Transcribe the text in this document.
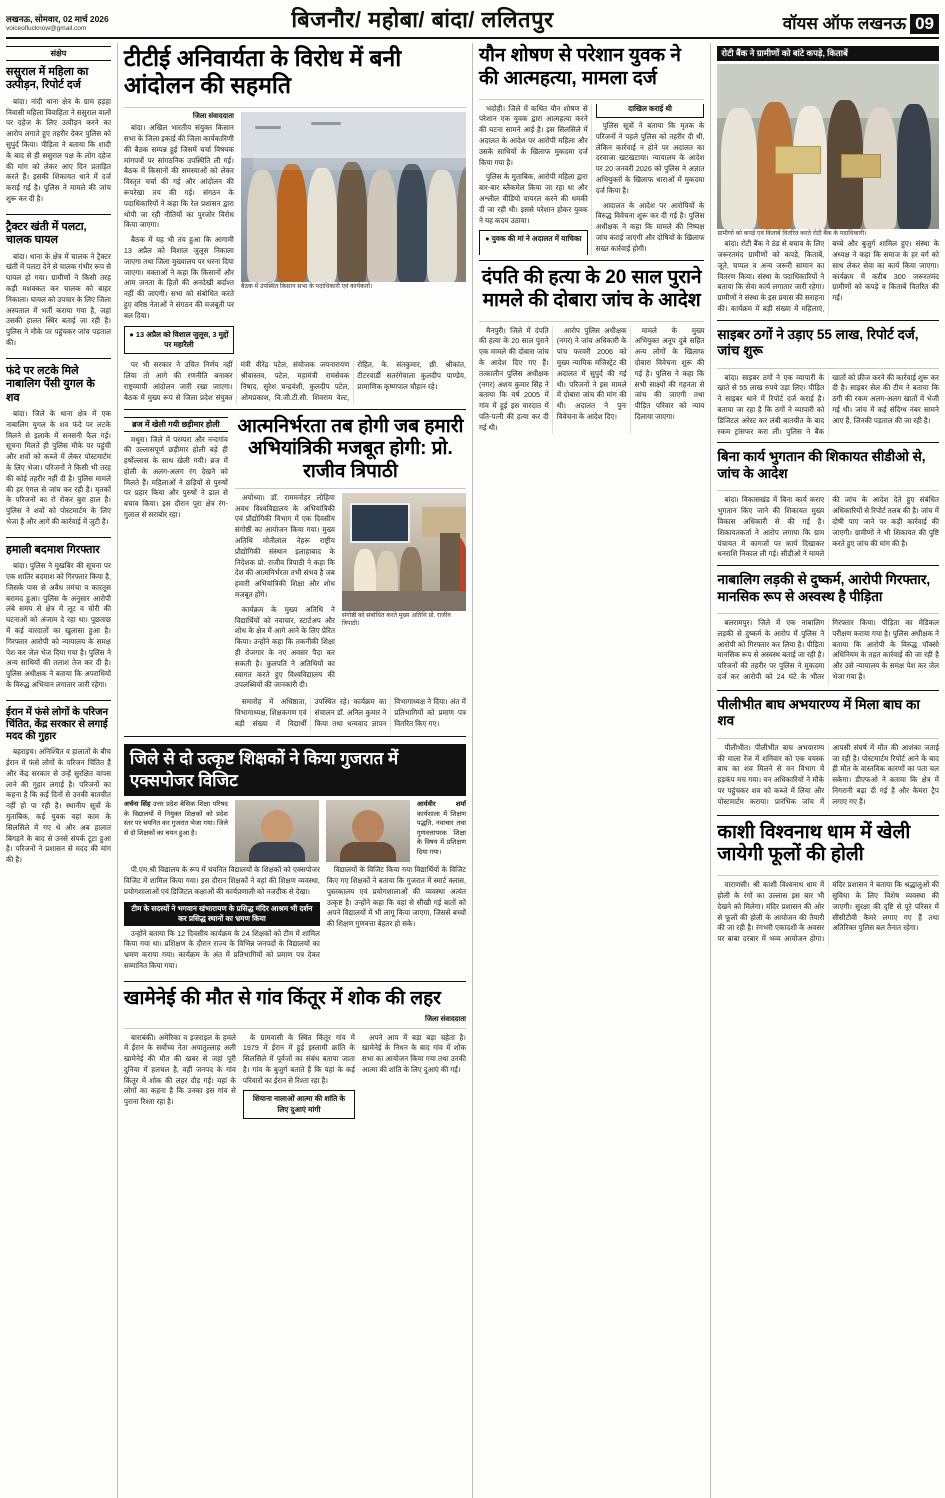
लखनऊ, सोमवार, 02 मार्च 2026
voiceoflucknow@gmail.com	बिजनौर/ महोबा/ बांदा/ ललितपुर	वॉयस ऑफ लखनऊ 09
संक्षेप
ससुराल में महिला का उत्पीड़न, रिपोर्ट दर्ज

बांदा। नांदी थाना क्षेत्र के ग्राम हड़हा निवासी महिला विवाहिता ने ससुराल वालों पर दहेज के लिए उत्पीड़न करने का आरोप लगाते हुए तहरीर देकर पुलिस को सुपुर्द किया। पीड़िता ने बताया कि शादी के बाद से ही ससुराल पक्ष के लोग दहेज की मांग को लेकर आए दिन प्रताड़ित करते हैं। इसकी शिकायत थाने में दर्ज कराई गई है। पुलिस ने मामले की जांच शुरू कर दी है।

ट्रैक्टर खंती में पलटा, चालक घायल

बांदा। थाना के क्षेत्र में चालक ने ट्रैक्टर खंती में पलटा देने से चालक गंभीर रूप से घायल हो गया। ग्रामीणों ने किसी तरह कड़ी मशक्कत कर चालक को बाहर निकाला। घायल को उपचार के लिए जिला अस्पताल में भर्ती कराया गया है, जहां उसकी हालत स्थिर बताई जा रही है। पुलिस ने मौके पर पहुंचकर जांच पड़ताल की।

फंदे पर लटके मिले नाबालिग पेंसी युगल के शव

बांदा। जिले के थाना क्षेत्र में एक नाबालिग युगल के शव फंदे पर लटके मिलने से इलाके में सनसनी फैल गई। सूचना मिलते ही पुलिस मौके पर पहुंची और शवों को कब्जे में लेकर पोस्टमार्टम के लिए भेजा। परिजनों ने किसी भी तरह की कोई तहरीर नहीं दी है। पुलिस मामले की हर एंगल से जांच कर रही है। मृतकों के परिजनों का रो रोकर बुरा हाल है। पुलिस ने शवों को पोस्टमार्टम के लिए भेजा है और आगे की कार्रवाई में जुटी है।

हमाली बदमाश गिरफ्तार

बांदा। पुलिस ने मुखबिर की सूचना पर एक शातिर बदमाश को गिरफ्तार किया है, जिसके पास से अवैध तमंचा व कारतूस बरामद हुआ। पुलिस के अनुसार आरोपी लंबे समय से क्षेत्र में लूट व चोरी की घटनाओं को अंजाम दे रहा था। पूछताछ में कई वारदातों का खुलासा हुआ है। गिरफ्तार आरोपी को न्यायालय के समक्ष पेश कर जेल भेज दिया गया है। पुलिस ने अन्य साथियों की तलाश तेज कर दी है। पुलिस अधीक्षक ने बताया कि अपराधियों के विरुद्ध अभियान लगातार जारी रहेगा।

ईरान में फंसे लोगों के परिजन चिंतित, केंद्र सरकार से लगाई मदद की गुहार

बहराइच। अनिश्चित व हालातों के बीच ईरान में फंसे लोगों के परिजन चिंतित हैं और केंद्र सरकार से उन्हें सुरक्षित वापस लाने की गुहार लगाई है। परिजनों का कहना है कि कई दिनों से उनकी बातचीत नहीं हो पा रही है। स्थानीय सूत्रों के मुताबिक, कई युवक वहां काम के सिलसिले में गए थे और अब हालात बिगड़ने के बाद से उनसे संपर्क टूटा हुआ है। परिजनों ने प्रशासन से मदद की मांग की है।

टीटीई अनिवार्यता के विरोध में बनी आंदोलन की सहमति
जिला संवाददाता

बांदा। अखिल भारतीय संयुक्त किसान सभा के जिला इकाई की जिला कार्यकारिणी की बैठक सम्पन्न हुई जिसमें चर्चा विषयक मांगपत्रों पर सांगठनिक उपस्थिति ली गई। बैठक में किसानों की समस्याओं को लेकर विस्तृत चर्चा की गई और आंदोलन की रूपरेखा तय की गई। संगठन के पदाधिकारियों ने कहा कि रेल प्रशासन द्वारा थोपी जा रही नीतियों का पुरजोर विरोध किया जाएगा।

बैठक में यह भी तय हुआ कि आगामी 13 अप्रैल को विशाल जुलूस निकाला जाएगा तथा जिला मुख्यालय पर धरना दिया जाएगा। वक्ताओं ने कहा कि किसानों और आम जनता के हितों की अनदेखी बर्दाश्त नहीं की जाएगी। सभा को संबोधित करते हुए वरिष्ठ नेताओं ने संगठन की मजबूती पर बल दिया।

● 13 अप्रैल को विशाल जुलूस, 3 मुद्दों पर महारैली
बैठक में उपस्थित किसान सभा के पदाधिकारी एवं कार्यकर्ता।

पर भी सरकार ने उचित निर्णय नहीं लिया तो आगे की रणनीति बनाकर राष्ट्रव्यापी आंदोलन जारी रखा जाएगा। बैठक में मुख्य रूप से जिला प्रदेश संयुक्त मंत्री वीरेंद्र पटेल, संयोजक जयनारायण श्रीवास्तव, पटेल, महामंत्री रामसेवक निषाद, सुरेश चन्द्रवंशी, कुलदीप पटेल, ओमप्रकाश, वि.जी.टी.सी. शिवराम वेल्ट, रोहित, के. संतकुमार, छी. श्रीकांत, टीटरवार्डी सतरंगेवाला कुलदीप पाण्डेय, प्रामाणिक कृष्णपाल चौहान रहे।

ब्रज में खेली गयी छड़ीमार होली

मथुरा। जिले में परम्परा और नन्दगांव की उल्लासपूर्ण छड़ीमार होली बड़े ही हर्षोल्लास के साथ खेली गयी। ब्रज में होली के अलग-अलग रंग देखने को मिलते हैं। महिलाओं ने छड़ियों से पुरुषों पर प्रहार किया और पुरुषों ने ढाल से बचाव किया। इस दौरान पूरा क्षेत्र रंग-गुलाल से सराबोर रहा।

आत्मनिर्भरता तब होगी जब हमारी अभियांत्रिकी मजबूत होगी: प्रो. राजीव त्रिपाठी

अयोध्या। डॉ. राममनोहर लोहिया अवध विश्वविद्यालय के अभियांत्रिकी एवं प्रौद्योगिकी विभाग में एक दिवसीय संगोष्ठी का आयोजन किया गया। मुख्य अतिथि मोतीलाल नेहरू राष्ट्रीय प्रौद्योगिकी संस्थान इलाहाबाद के निदेशक प्रो. राजीव त्रिपाठी ने कहा कि देश की आत्मनिर्भरता तभी संभव है जब हमारी अभियांत्रिकी शिक्षा और शोध मजबूत होंगे।

कार्यक्रम के मुख्य अतिथि ने विद्यार्थियों को नवाचार, स्टार्टअप और शोध के क्षेत्र में आगे आने के लिए प्रेरित किया। उन्होंने कहा कि तकनीकी शिक्षा ही रोजगार के नए अवसर पैदा कर सकती है। कुलपति ने अतिथियों का स्वागत करते हुए विश्वविद्यालय की उपलब्धियों की जानकारी दी।

संगोष्ठी को संबोधित करते मुख्य अतिथि प्रो. राजीव त्रिपाठी।

समारोह में अधिष्ठाता, विभागाध्यक्ष, शिक्षकगण एवं बड़ी संख्या में विद्यार्थी उपस्थित रहे। कार्यक्रम का संचालन डॉ. अनिल कुमार ने किया तथा धन्यवाद ज्ञापन विभागाध्यक्ष ने दिया। अंत में प्रतिभागियों को प्रमाण पत्र वितरित किए गए।

जिले से दो उत्कृष्ट शिक्षकों ने किया गुजरात में एक्सपोजर विजिट
अर्चना सिंह उत्तर प्रदेश बेसिक शिक्षा परिषद के विद्यालयों में नियुक्त शिक्षकों को प्रदेश स्तर पर चयनित कर गुजरात भेजा गया। जिले से दो शिक्षकों का चयन हुआ है।
आर्यवीर शर्मा कार्यशाला में शिक्षण पद्धति, नवाचार तथा गुणवत्तापरक शिक्षा के विषय में प्रशिक्षण दिया गया।

पी.एम.श्री विद्यालय के रूप में चयनित विद्यालयों के शिक्षकों को एक्सपोजर विजिट में शामिल किया गया। इस दौरान शिक्षकों ने वहां की शिक्षण व्यवस्था, प्रयोगशालाओं एवं डिजिटल कक्षाओं की कार्यप्रणाली को नजदीक से देखा।

टीम के सदस्यों ने भगवान खंभारायण के प्रसिद्ध मंदिर आश्रम भी दर्शन कर प्रसिद्ध स्थानों का भ्रमण किया

उन्होंने बताया कि 12 दिवसीय कार्यक्रम के 24 शिक्षकों को टीम में शामिल किया गया था। प्रशिक्षण के दौरान राज्य के विभिन्न जनपदों के विद्यालयों का भ्रमण कराया गया। कार्यक्रम के अंत में प्रतिभागियों को प्रमाण पत्र देकर सम्मानित किया गया।

विद्यालयों के विजिट किया गया विद्यार्थियों के विजिट किए गए शिक्षकों ने बताया कि गुजरात में स्मार्ट क्लास, पुस्तकालय एवं प्रयोगशालाओं की व्यवस्था अत्यंत उत्कृष्ट है। उन्होंने कहा कि वहां से सीखी गई बातों को अपने विद्यालयों में भी लागू किया जाएगा, जिससे बच्चों की शिक्षण गुणवत्ता बेहतर हो सके।

खामेनेई की मौत से गांव किंतूर में शोक की लहर
जिला संवाददाता

बाराबंकी। अमेरिका व इजराइल के हमले में ईरान के सर्वोच्च नेता अयातुल्लाह अली खामेनेई की मौत की खबर से जहां पूरी दुनिया में हलचल है, वहीं जनपद के गांव किंतूर में शोक की लहर दौड़ गई। यहां के लोगों का कहना है कि उनका इस गांव से पुराना रिश्ता रहा है।

के ग्रामवासी के स्थित किंतूर गांव में 1979 में ईरान में हुई इस्लामी क्रांति के सिलसिले में पूर्वजों का संबंध बताया जाता है। गांव के बुजुर्ग बताते हैं कि यहां के कई परिवारों का ईरान से रिश्ता रहा है।

शियाना नालाओं आत्मा की शांति के लिए दुआएं मांगी

अपने आप में बड़ा बड़ा चहेता है। खामेनेई के निधन के बाद गांव में शोक सभा का आयोजन किया गया तथा उनकी आत्मा की शांति के लिए दुआएं की गईं।

यौन शोषण से परेशान युवक ने की आत्महत्या, मामला दर्ज

भदोही। जिले में कथित यौन शोषण से परेशान एक युवक द्वारा आत्महत्या करने की घटना सामने आई है। इस सिलसिले में अदालत के आदेश पर आरोपी महिला और उसके साथियों के खिलाफ मुकदमा दर्ज किया गया है।

पुलिस के मुताबिक, आरोपी महिला द्वारा बार-बार ब्लैकमेल किया जा रहा था और अश्लील वीडियो वायरल करने की धमकी दी जा रही थी। इससे परेशान होकर युवक ने यह कदम उठाया।

● युवक की मां ने अदालत में याचिका दाखिल कराई थी

पुलिस सूत्रों ने बताया कि मृतक के परिजनों ने पहले पुलिस को तहरीर दी थी, लेकिन कार्रवाई न होने पर अदालत का दरवाजा खटखटाया। न्यायालय के आदेश पर 20 जनवरी 2026 को पुलिस ने अज्ञात अभियुक्तों के खिलाफ धाराओं में मुकदमा दर्ज किया है।

आदालत के आदेश पर आरोपियों के विरुद्ध विवेचना शुरू कर दी गई है। पुलिस अधीक्षक ने कहा कि मामले की निष्पक्ष जांच कराई जाएगी और दोषियों के खिलाफ सख्त कार्रवाई होगी।

दंपति की हत्या के 20 साल पुराने मामले की दोबारा जांच के आदेश

मैनपुरी। जिले में दंपति की हत्या के 20 साल पुराने एक मामले की दोबारा जांच के आदेश दिए गए हैं। तत्कालीन पुलिस अधीक्षक (नगर) अशय कुमार सिंह ने बताया कि वर्ष 2005 में गांव में हुई इस वारदात में पति-पत्नी की हत्या कर दी गई थी।

आरोप पुलिस अधीक्षक (नगर) ने जांच अधिकारी के पांच फरवरी 2006 को मुख्य न्यायिक मजिस्ट्रेट की अदालत में सुपुर्द की गई थी। परिजनों ने इस मामले में दोबारा जांच की मांग की थी। अदालत ने पुनः विवेचना के आदेश दिए।

मामले के मुख्य अभियुक्त अनूप दुबे सहित अन्य लोगों के खिलाफ दोबारा विवेचना शुरू की गई है। पुलिस ने कहा कि सभी साक्ष्यों की गहनता से जांच की जाएगी तथा पीड़ित परिवार को न्याय दिलाया जाएगा।

रोटी बैंक ने ग्रामीणों को बांटे कपड़े, किताबें
ग्रामीणों को कपड़े एवं किताबें वितरित करते रोटी बैंक के पदाधिकारी।

बांदा। रोटी बैंक ने ठंड से बचाव के लिए जरूरतमंद ग्रामीणों को कपड़े, किताबें, जूते, चप्पल व अन्य जरूरी सामान का वितरण किया। संस्था के पदाधिकारियों ने बताया कि सेवा कार्य लगातार जारी रहेगा। ग्रामीणों ने संस्था के इस प्रयास की सराहना की। कार्यक्रम में बड़ी संख्या में महिलाएं, बच्चे और बुजुर्ग शामिल हुए। संस्था के अध्यक्ष ने कहा कि समाज के हर वर्ग को साथ लेकर सेवा का कार्य किया जाएगा। कार्यक्रम में करीब 300 जरूरतमंद ग्रामीणों को कपड़े व किताबें वितरित की गईं।

साइबर ठगों ने उड़ाए 55 लाख, रिपोर्ट दर्ज, जांच शुरू

बांदा। साइबर ठगों ने एक व्यापारी के खाते से 55 लाख रुपये उड़ा लिए। पीड़ित ने साइबर थाने में रिपोर्ट दर्ज कराई है। बताया जा रहा है कि ठगों ने व्यापारी को डिजिटल अरेस्ट कर लंबी बातचीत के बाद रकम ट्रांसफर करा ली। पुलिस ने बैंक खातों को फ्रीज करने की कार्रवाई शुरू कर दी है। साइबर सेल की टीम ने बताया कि ठगी की रकम अलग-अलग खातों में भेजी गई थी। जांच में कई संदिग्ध नंबर सामने आए हैं, जिनकी पड़ताल की जा रही है।

बिना कार्य भुगतान की शिकायत सीडीओ से, जांच के आदेश

बांदा। विकासखंड में बिना कार्य कराए भुगतान किए जाने की शिकायत मुख्य विकास अधिकारी से की गई है। शिकायतकर्ता ने आरोप लगाया कि ग्राम पंचायत में कागजों पर कार्य दिखाकर धनराशि निकाल ली गई। सीडीओ ने मामले की जांच के आदेश देते हुए संबंधित अधिकारियों से रिपोर्ट तलब की है। जांच में दोषी पाए जाने पर कड़ी कार्रवाई की जाएगी। ग्रामीणों ने भी शिकायत की पुष्टि करते हुए जांच की मांग की है।

नाबालिग लड़की से दुष्कर्म, आरोपी गिरफ्तार, मानसिक रूप से अस्वस्थ है पीड़िता

बलरामपुर। जिले में एक नाबालिग लड़की से दुष्कर्म के आरोप में पुलिस ने आरोपी को गिरफ्तार कर लिया है। पीड़िता मानसिक रूप से अस्वस्थ बताई जा रही है। परिजनों की तहरीर पर पुलिस ने मुकदमा दर्ज कर आरोपी को 24 घंटे के भीतर गिरफ्तार किया। पीड़िता का मेडिकल परीक्षण कराया गया है। पुलिस अधीक्षक ने बताया कि आरोपी के विरुद्ध पॉक्सो अधिनियम के तहत कार्रवाई की जा रही है और उसे न्यायालय के समक्ष पेश कर जेल भेजा गया है।

पीलीभीत बाघ अभयारण्य में मिला बाघ का शव

पीलीभीत। पीलीभीत बाघ अभयारण्य की माला रेंज में शनिवार को एक वयस्क बाघ का शव मिलने से वन विभाग में हड़कंप मच गया। वन अधिकारियों ने मौके पर पहुंचकर शव को कब्जे में लिया और पोस्टमार्टम कराया। प्रारंभिक जांच में आपसी संघर्ष में मौत की आशंका जताई जा रही है। पोस्टमार्टम रिपोर्ट आने के बाद ही मौत के वास्तविक कारणों का पता चल सकेगा। डीएफओ ने बताया कि क्षेत्र में निगरानी बढ़ा दी गई है और कैमरा ट्रैप लगाए गए हैं।

काशी विश्वनाथ धाम में खेली जायेगी फूलों की होली

वाराणसी। श्री काशी विश्वनाथ धाम में होली के रंगों का उल्लास इस बार भी देखने को मिलेगा। मंदिर प्रशासन की ओर से फूलों की होली के आयोजन की तैयारी की जा रही है। रंगभरी एकादशी के अवसर पर बाबा दरबार में भव्य आयोजन होगा। मंदिर प्रशासन ने बताया कि श्रद्धालुओं की सुविधा के लिए विशेष व्यवस्था की जाएगी। सुरक्षा की दृष्टि से पूरे परिसर में सीसीटीवी कैमरे लगाए गए हैं तथा अतिरिक्त पुलिस बल तैनात रहेगा।
